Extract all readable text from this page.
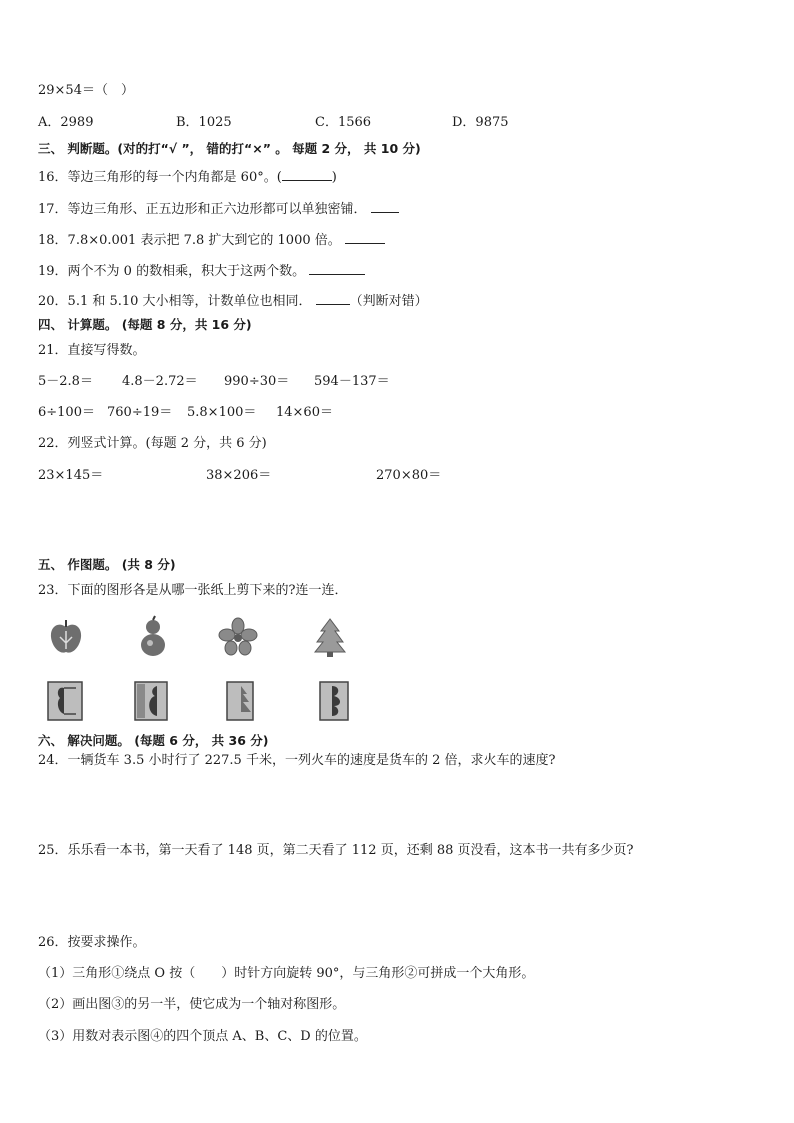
29×54＝（　）
A．2989	B．1025	C．1566	D．9875
三、 判断题。(对的打“√ ”， 错的打“×” 。 每题 2 分， 共 10 分)
16．等边三角形的每一个内角都是 60°。(	)
17．等边三角形、正五边形和正六边形都可以单独密铺．
18．7.8×0.001 表示把 7.8 扩大到它的 1000 倍。
19．两个不为 0 的数相乘，积大于这两个数。
20．5.1 和 5.10 大小相等，计数单位也相同．	（判断对错）
四、 计算题。 (每题 8 分，共 16 分)
21．直接写得数。
5－2.8＝ 4.8－2.72＝ 990÷30＝ 594－137＝
6÷100＝ 760÷19＝ 5.8×100＝ 14×60＝
22．列竖式计算。(每题 2 分，共 6 分)
23×145＝	38×206＝	270×80＝
五、 作图题。 (共 8 分)
23．下面的图形各是从哪一张纸上剪下来的?连一连．
六、 解决问题。 (每题 6 分， 共 36 分)
24．一辆货车 3.5 小时行了 227.5 千米，一列火车的速度是货车的 2 倍，求火车的速度?
25．乐乐看一本书，第一天看了 148 页，第二天看了 112 页，还剩 88 页没看，这本书一共有多少页?
26．按要求操作。
（1）三角形①绕点 O 按（　　）时针方向旋转 90°，与三角形②可拼成一个大角形。
（2）画出图③的另一半，使它成为一个轴对称图形。
（3）用数对表示图④的四个顶点 A、B、C、D 的位置。
